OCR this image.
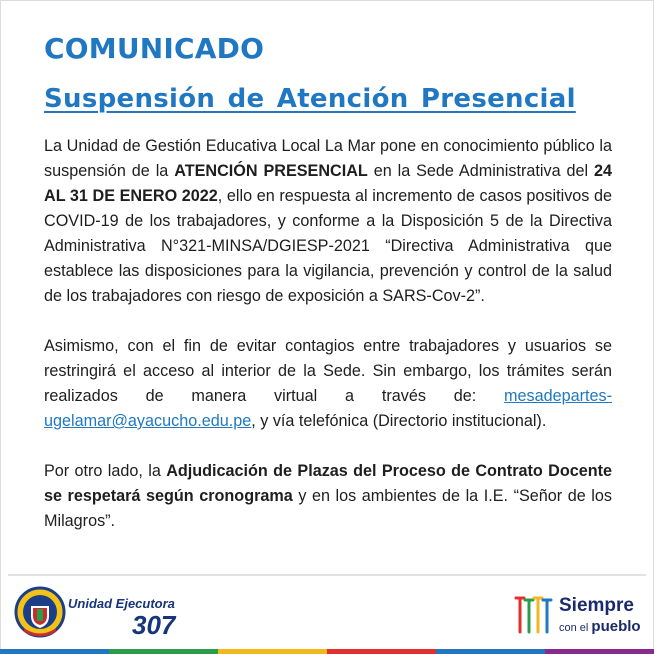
COMUNICADO
Suspensión de Atención Presencial

La Unidad de Gestión Educativa Local La Mar pone en conocimiento público la suspensión de la ATENCIÓN PRESENCIAL en la Sede Administrativa del 24 AL 31 DE ENERO 2022, ello en respuesta al incremento de casos positivos de COVID-19 de los trabajadores, y conforme a la Disposición 5 de la Directiva Administrativa N°321-MINSA/DGIESP-2021 “Directiva Administrativa que establece las disposiciones para la vigilancia, prevención y control de la salud de los trabajadores con riesgo de exposición a SARS-Cov-2”.

Asimismo, con el fin de evitar contagios entre trabajadores y usuarios se restringirá el acceso al interior de la Sede. Sin embargo, los trámites serán realizados de manera virtual a través de: mesadepartes-ugelamar@ayacucho.edu.pe, y vía telefónica (Directorio institucional).

Por otro lado, la Adjudicación de Plazas del Proceso de Contrato Docente se respetará según cronograma y en los ambientes de la I.E. “Señor de los Milagros”.

Unidad Ejecutora
307
Siempre
con el pueblo
